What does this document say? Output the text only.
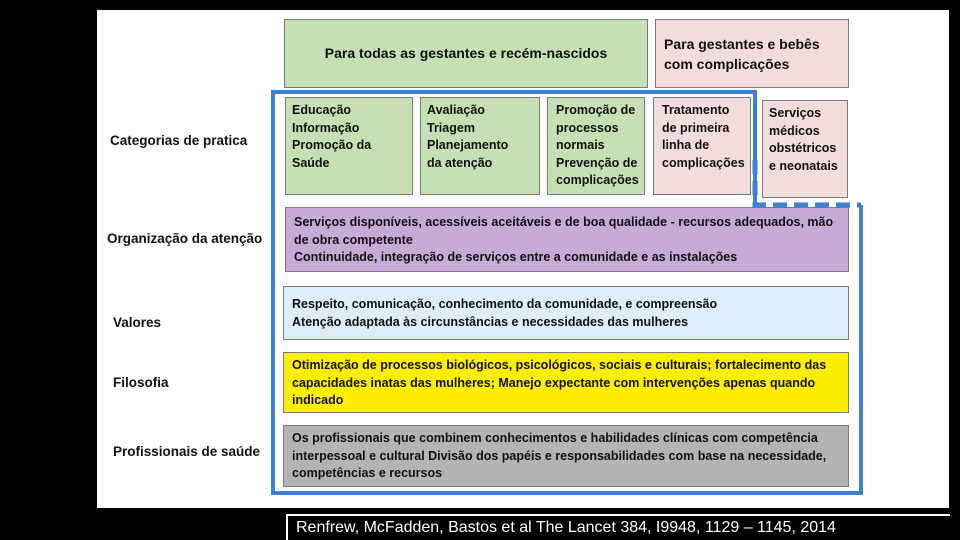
Para todas as gestantes e recém-nascidos
Para gestantes e bebês com complicações
Categorias de pratica
Organização da atenção
Valores
Filosofia
Profissionais de saúde
Educação
Informação
Promoção da
Saúde
Avaliação
Triagem
Planejamento
da atenção
Promoção de
processos
normais
Prevenção de
complicações
Tratamento
de primeira
linha de
complicações
Serviços
médicos
obstétricos
e neonatais
Serviços disponíveis, acessíveis aceitáveis e de boa qualidade - recursos adequados, mão de obra competente
Continuidade, integração de serviços entre a comunidade e as instalações
Respeito, comunicação, conhecimento da comunidade, e compreensão
Atenção adaptada às circunstâncias e necessidades das mulheres
Otimização de processos biológicos, psicológicos, sociais e culturais; fortalecimento das capacidades inatas das mulheres; Manejo expectante com intervenções apenas quando indicado
Os profissionais que combinem conhecimentos e habilidades clínicas com competência interpessoal e cultural Divisão dos papéis e responsabilidades com base na necessidade, competências e recursos
Renfrew, McFadden, Bastos et al The Lancet 384, I9948, 1129 – 1145, 2014
